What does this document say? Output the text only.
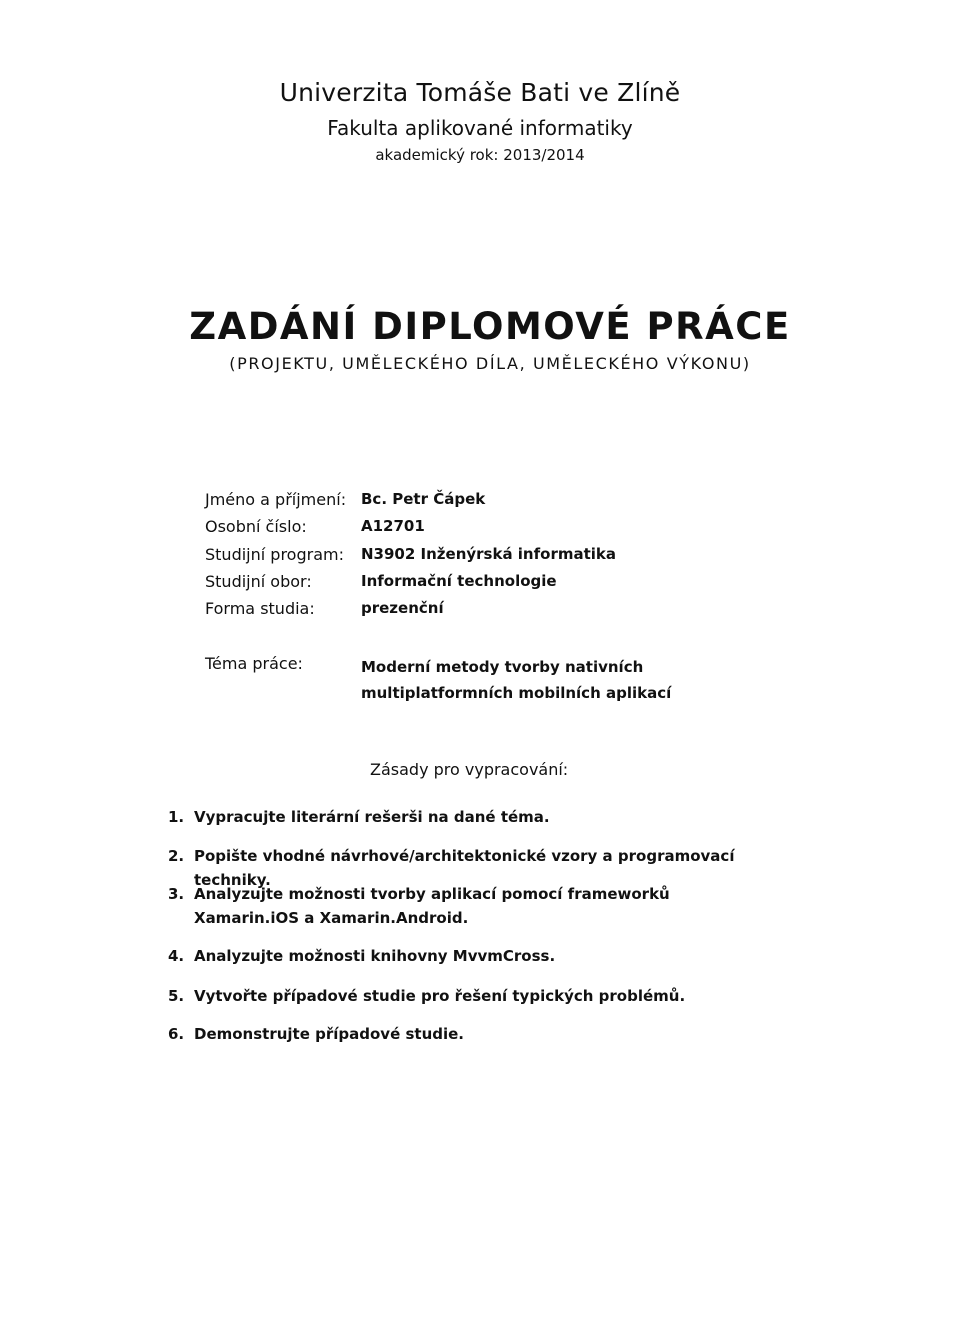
Univerzita Tomáše Bati ve Zlíně
Fakulta aplikované informatiky
akademický rok: 2013/2014
ZADÁNÍ DIPLOMOVÉ PRÁCE
(PROJEKTU, UMĚLECKÉHO DÍLA, UMĚLECKÉHO VÝKONU)
Jméno a příjmení: Bc. Petr Čápek
Osobní číslo:	A12701
Studijní program: N3902 Inženýrská informatika
Studijní obor:	Informační technologie
Forma studia:	prezenční
Téma práce:	Moderní metody tvorby nativních multiplatformních mobilních aplikací
Zásady pro vypracování:
1. Vypracujte literární rešerši na dané téma.
2. Popište vhodné návrhové/architektonické vzory a programovací techniky.
3. Analyzujte možnosti tvorby aplikací pomocí frameworků Xamarin.iOS a Xamarin.Android.
4. Analyzujte možnosti knihovny MvvmCross.
5. Vytvořte případové studie pro řešení typických problémů.
6. Demonstrujte případové studie.
